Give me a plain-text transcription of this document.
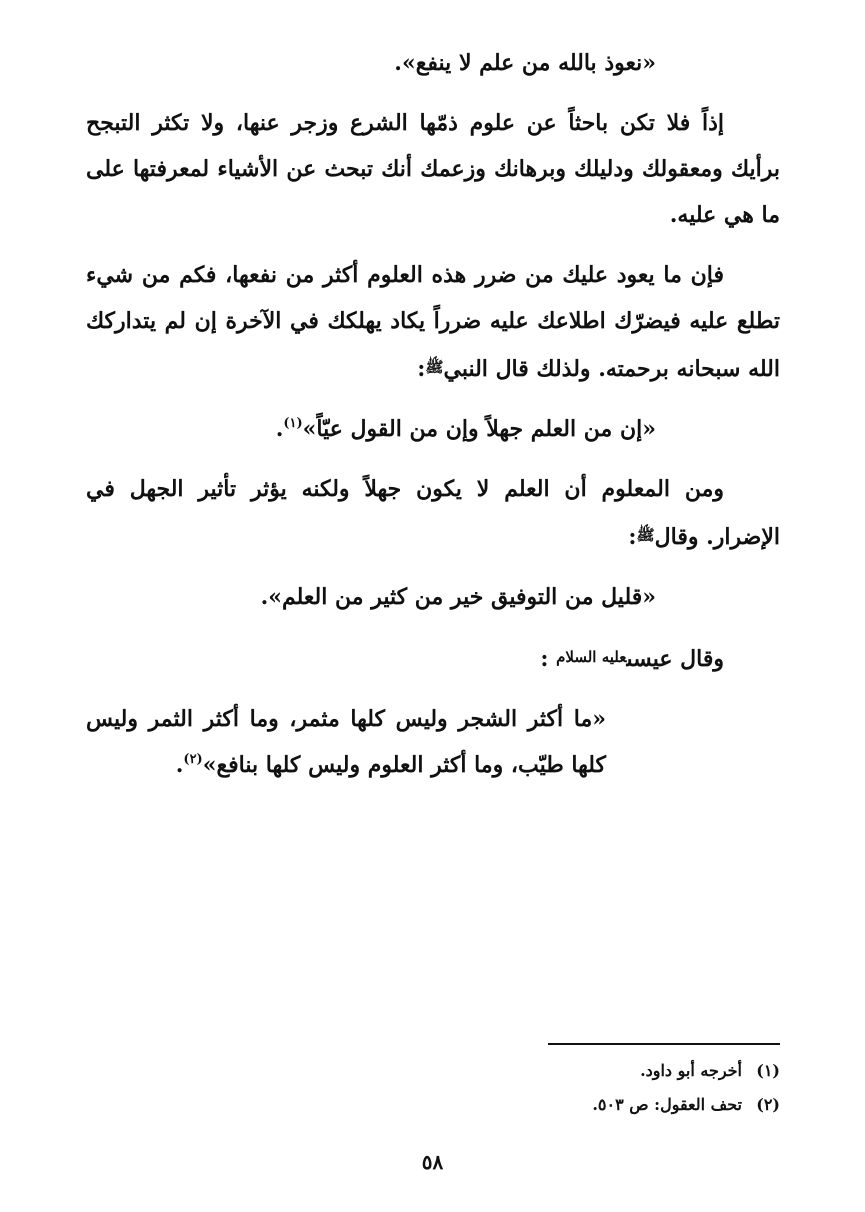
«نعوذ بالله من علم لا ينفع».

إذاً فلا تكن باحثاً عن علوم ذمّها الشرع وزجر عنها، ولا تكثر التبجح برأيك ومعقولك ودليلك وبرهانك وزعمك أنك تبحث عن الأشياء لمعرفتها على ما هي عليه.

فإن ما يعود عليك من ضرر هذه العلوم أكثر من نفعها، فكم من شيء تطلع عليه فيضرّك اطلاعك عليه ضرراً يكاد يهلكك في الآخرة إن لم يتداركك الله سبحانه برحمته. ولذلك قال النبيﷺ:

«إن من العلم جهلاً وإن من القول عيّاً»$^{(١)}$.

ومن المعلوم أن العلم لا يكون جهلاً ولكنه يؤثر تأثير الجهل في الإضرار. وقالﷺ:

«قليل من التوفيق خير من كثير من العلم».

وقال عيسىعليه السلام :

«ما أكثر الشجر وليس كلها مثمر، وما أكثر الثمر وليس كلها طيّب، وما أكثر العلوم وليس كلها بنافع»$^{(٢)}$.

(١)
أخرجه أبو داود.
(٢)
تحف العقول: ص ٥٠٣.
٥٨
